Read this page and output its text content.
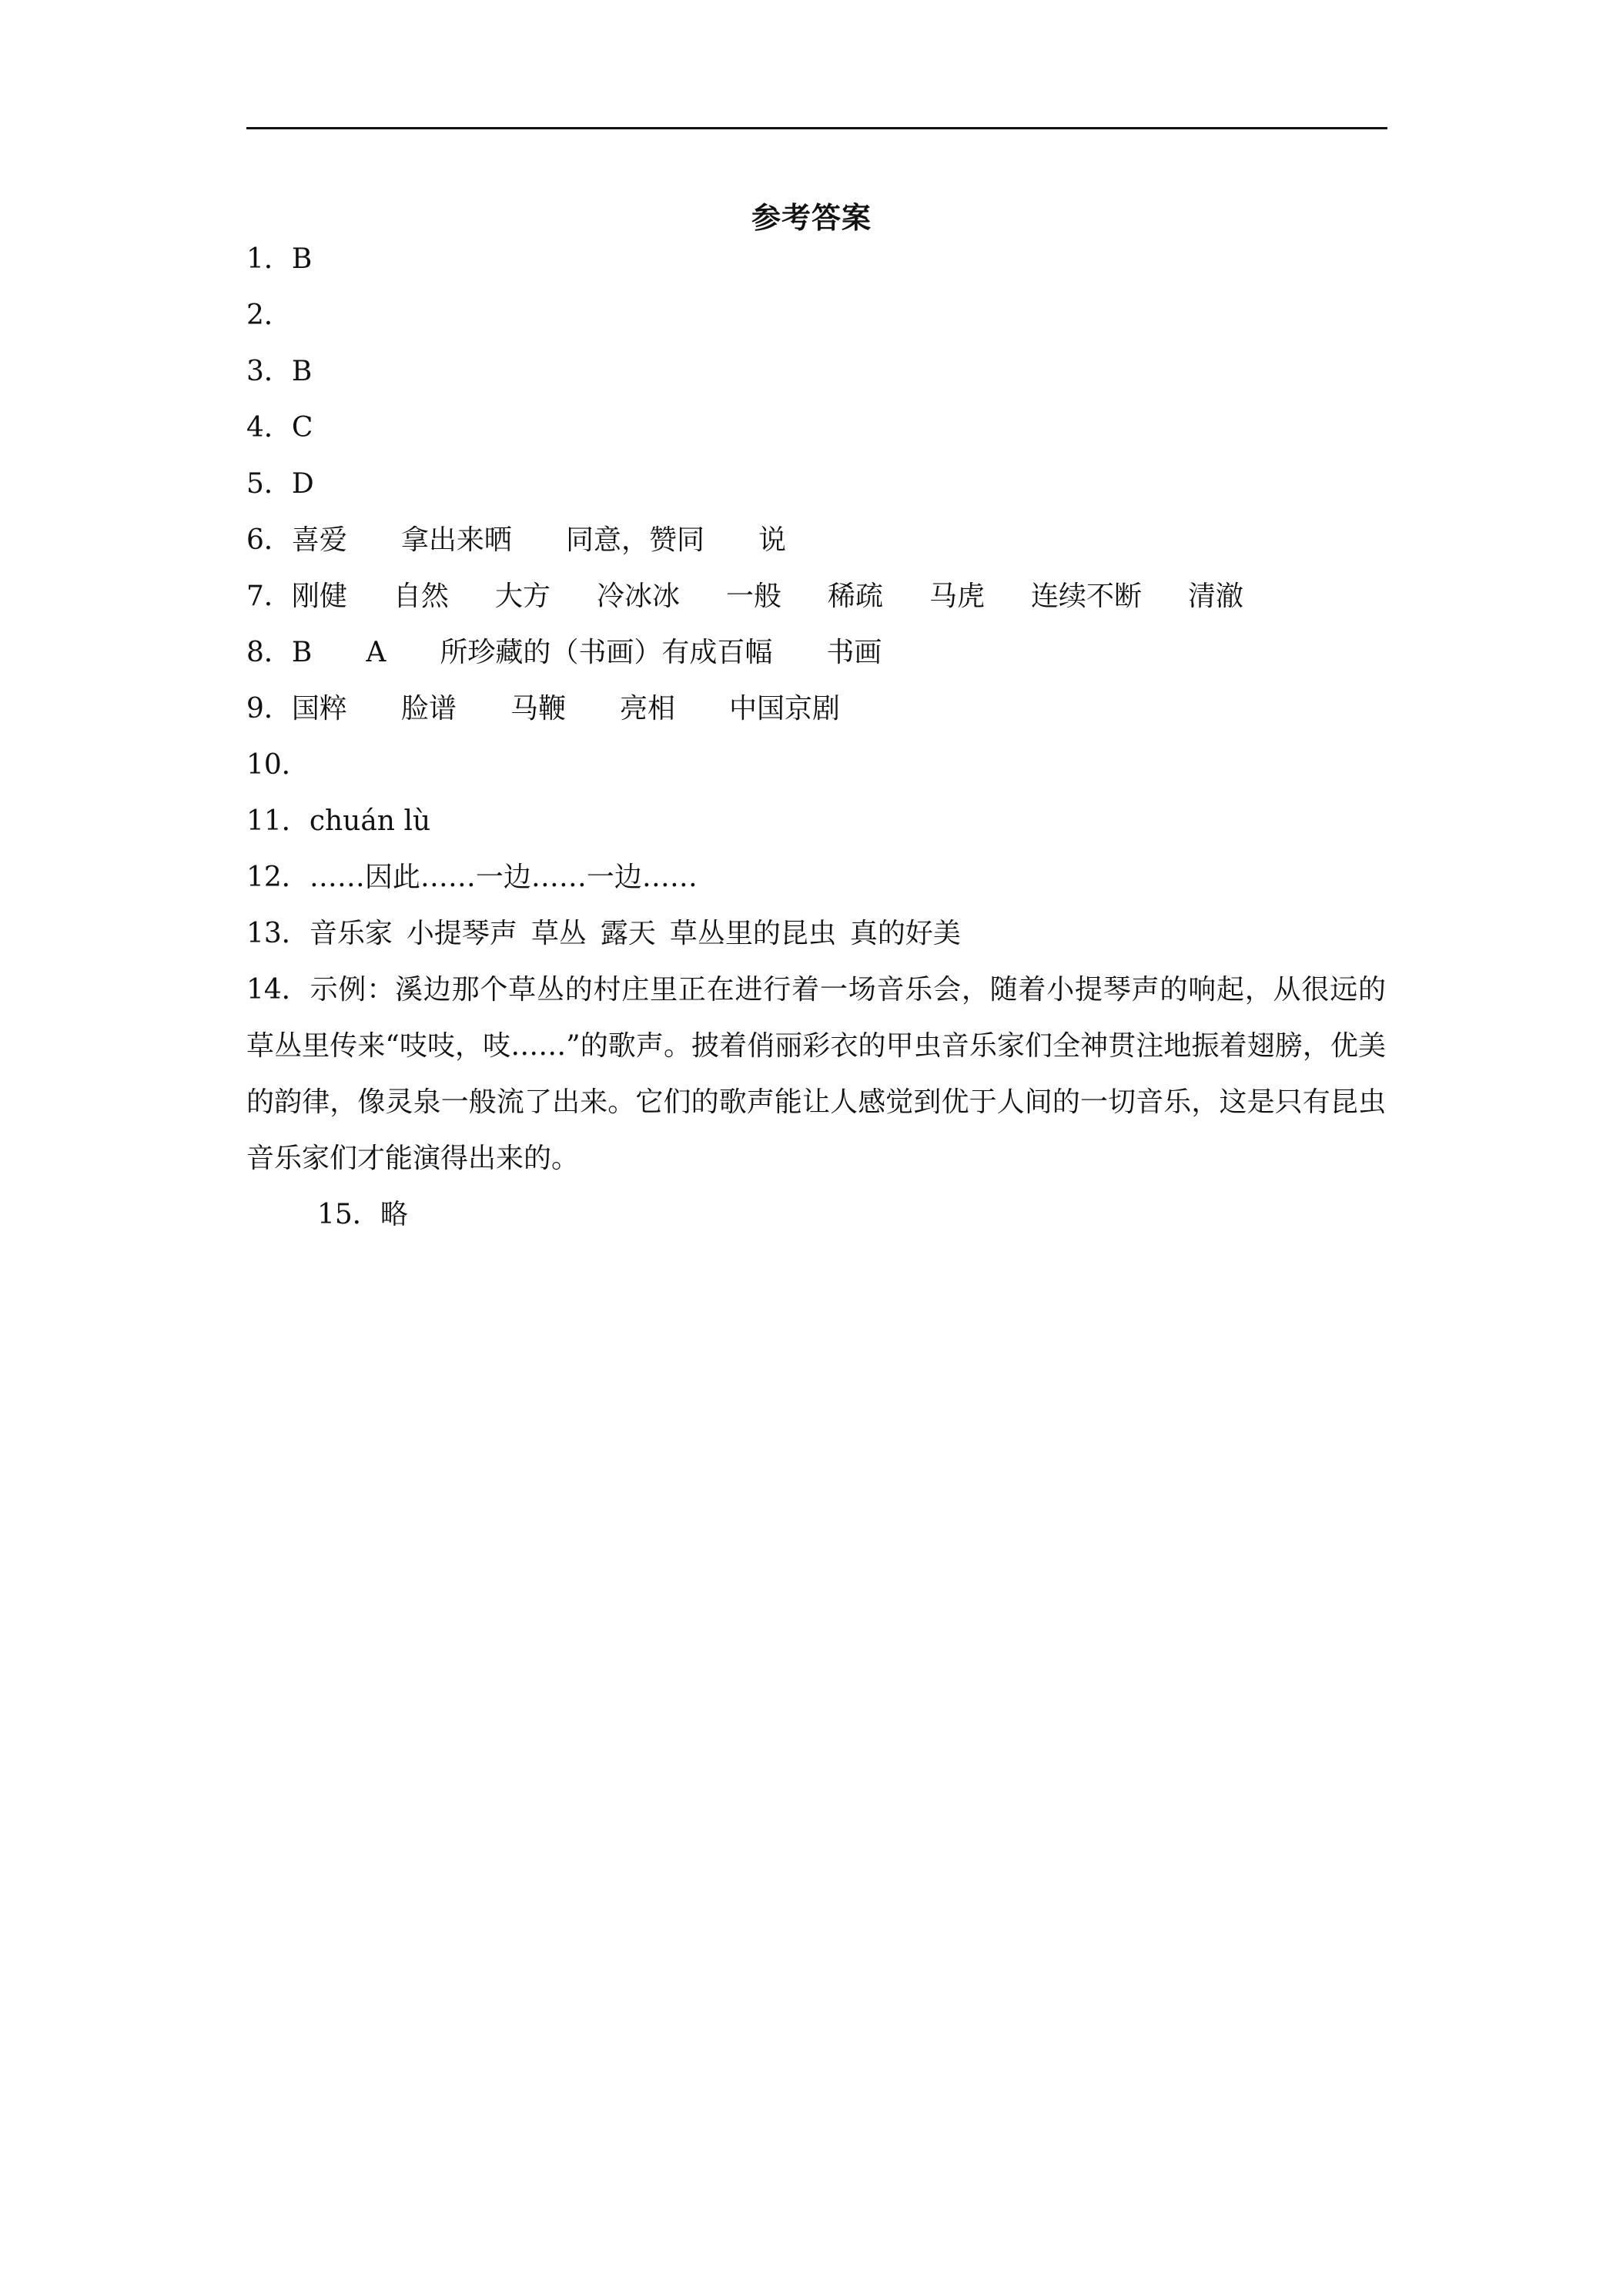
参考答案
1．B
2．
3．B
4．C
5．D
6．喜爱 拿出来晒 同意，赞同 说
7．刚健 自然 大方 冷冰冰 一般 稀疏 马虎 连续不断 清澈
8．B A 所珍藏的（书画）有成百幅 书画
9．国粹 脸谱 马鞭 亮相 中国京剧
10．
11．chuán lù
12．……因此……一边……一边……
13．音乐家 小提琴声 草丛 露天 草丛里的昆虫 真的好美
14．示例：溪边那个草丛的村庄里正在进行着一场音乐会，随着小提琴声的响起，从很远的草丛里传来“吱吱，吱……”的歌声。披着俏丽彩衣的甲虫音乐家们全神贯注地振着翅膀，优美的韵律，像灵泉一般流了出来。它们的歌声能让人感觉到优于人间的一切音乐，这是只有昆虫音乐家们才能演得出来的。
15．略
